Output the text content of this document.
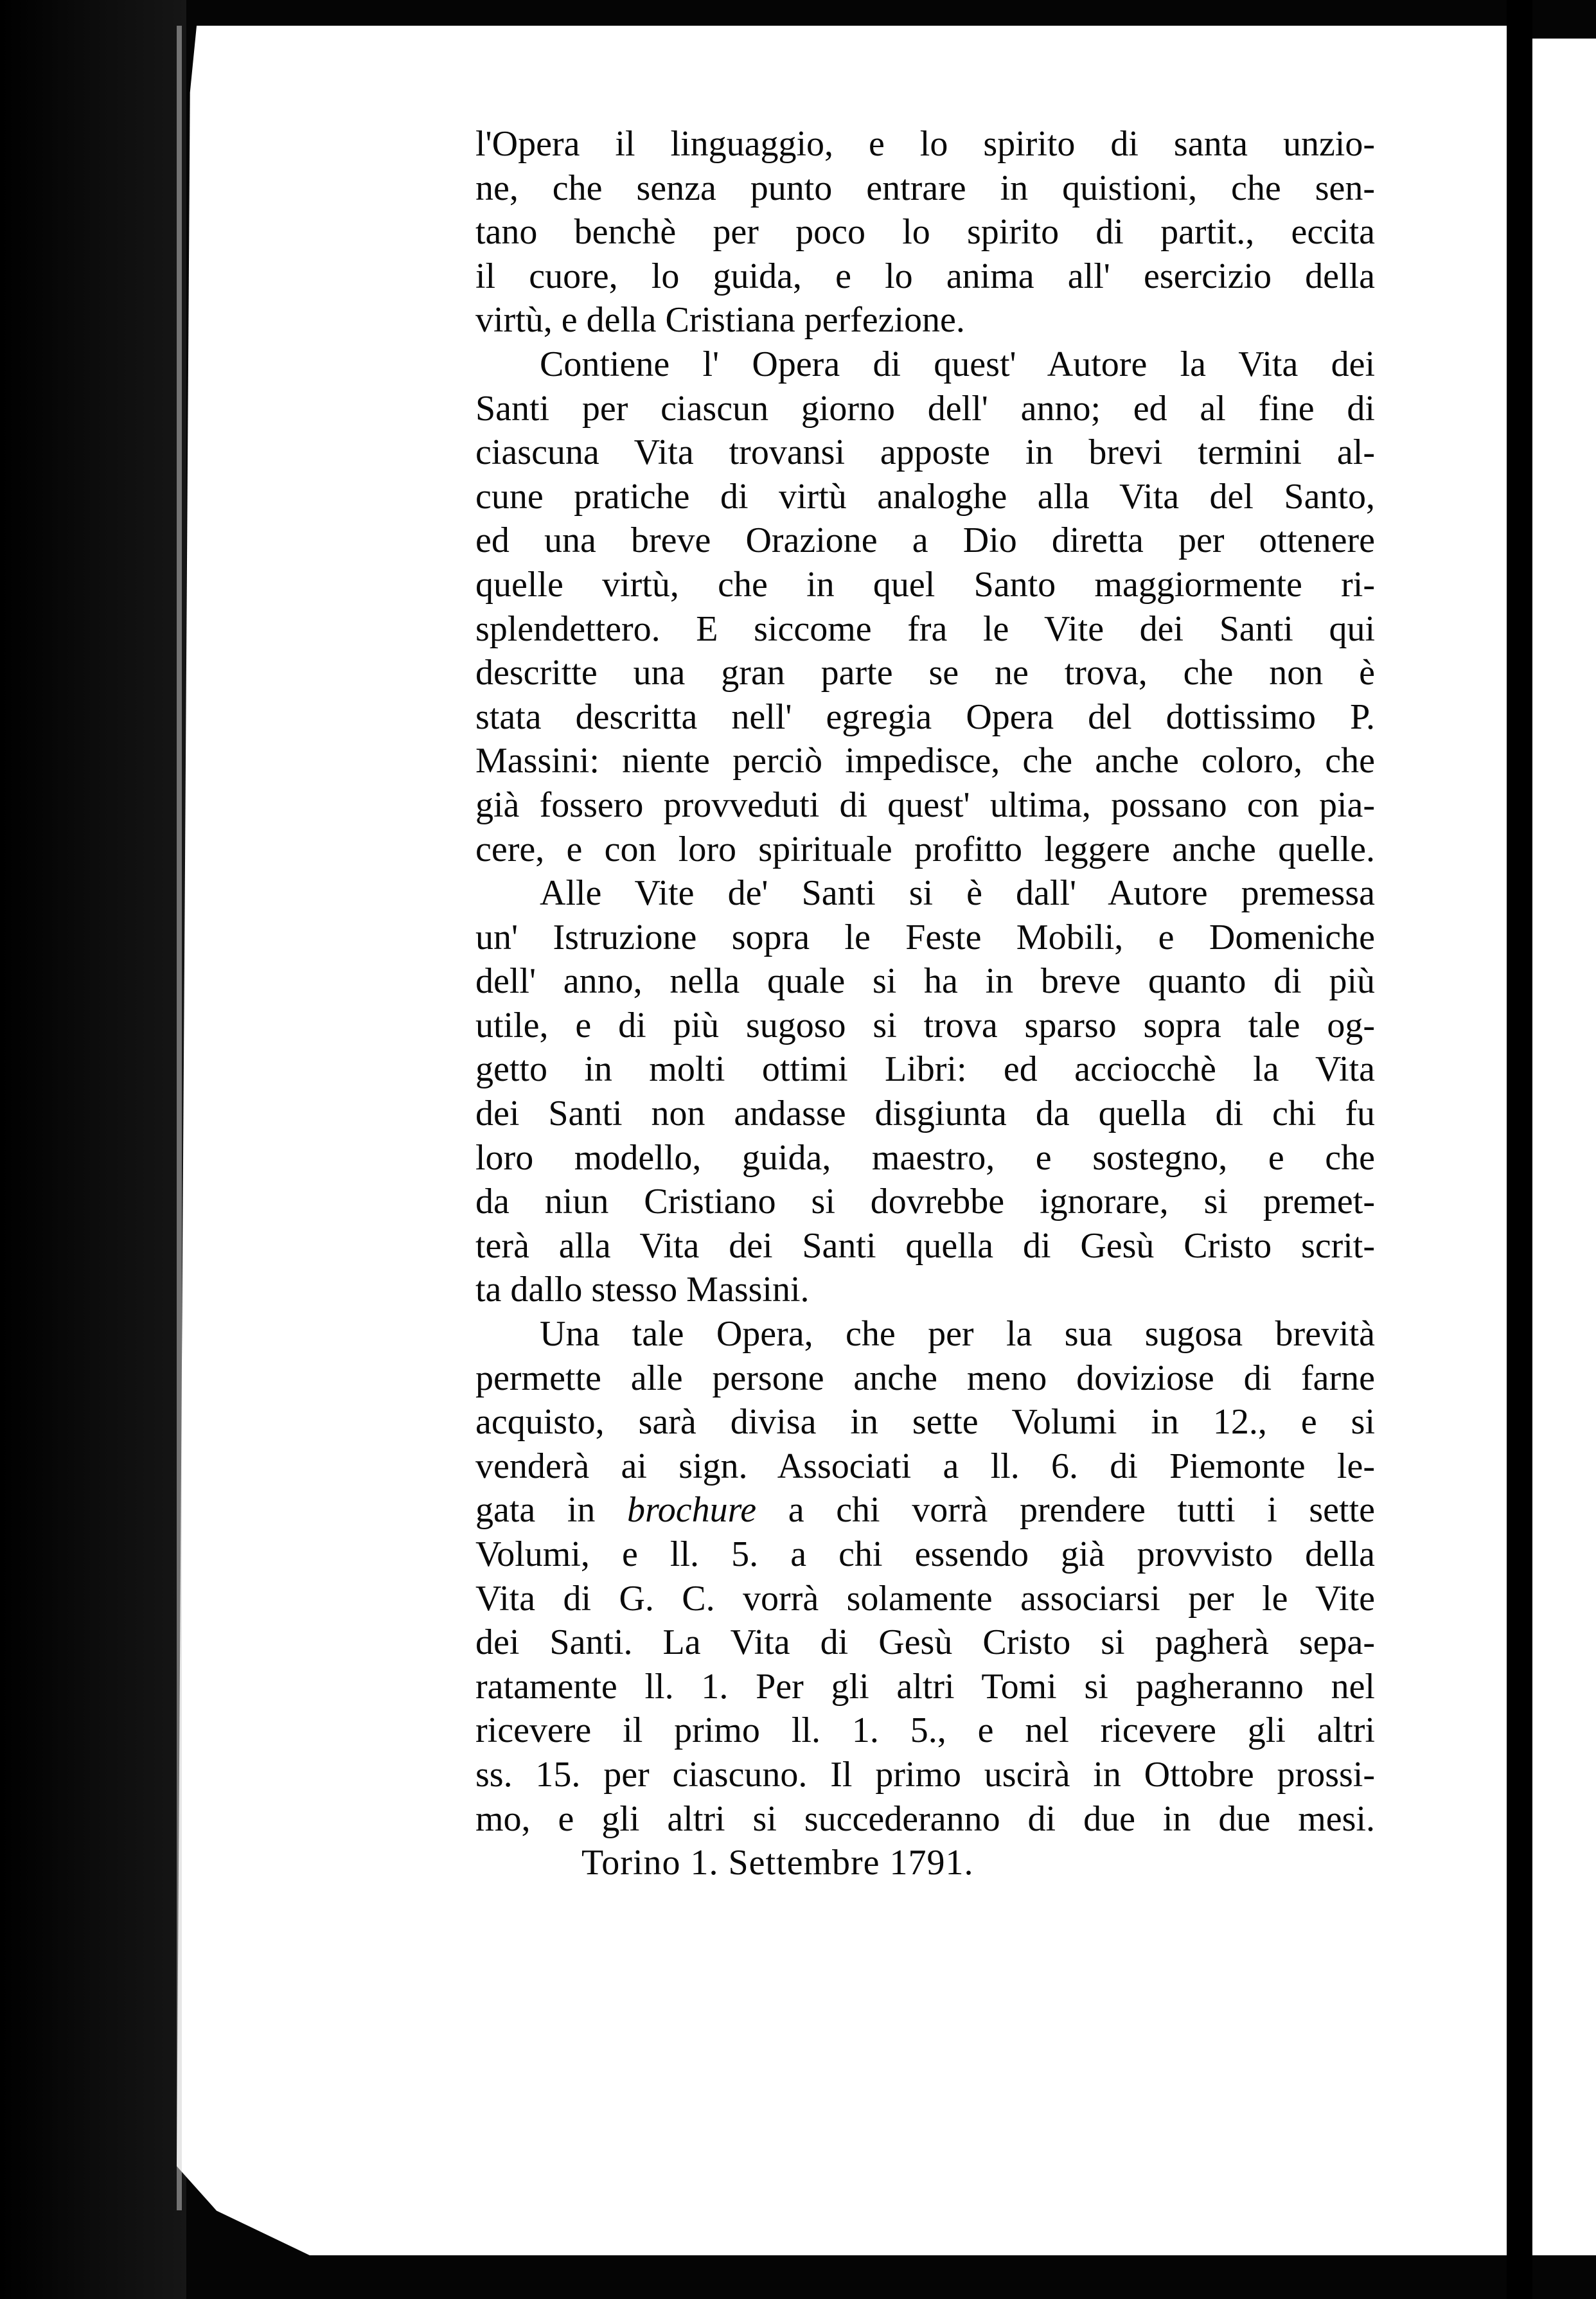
l'Opera il linguaggio, e lo spirito di santa unzio-
ne, che senza punto entrare in quistioni, che sen-
tano benchè per poco lo spirito di partit., eccita
il cuore, lo guida, e lo anima all' esercizio della
virtù, e della Cristiana perfezione.
Contiene l' Opera di quest' Autore la Vita dei
Santi per ciascun giorno dell' anno; ed al fine di
ciascuna Vita trovansi apposte in brevi termini al-
cune pratiche di virtù analoghe alla Vita del Santo,
ed una breve Orazione a Dio diretta per ottenere
quelle virtù, che in quel Santo maggiormente ri-
splendettero. E siccome fra le Vite dei Santi qui
descritte una gran parte se ne trova, che non è
stata descritta nell' egregia Opera del dottissimo P.
Massini: niente perciò impedisce, che anche coloro, che
già fossero provveduti di quest' ultima, possano con pia-
cere, e con loro spirituale profitto leggere anche quelle.
Alle Vite de' Santi si è dall' Autore premessa
un' Istruzione sopra le Feste Mobili, e Domeniche
dell' anno, nella quale si ha in breve quanto di più
utile, e di più sugoso si trova sparso sopra tale og-
getto in molti ottimi Libri: ed acciocchè la Vita
dei Santi non andasse disgiunta da quella di chi fu
loro modello, guida, maestro, e sostegno, e che
da niun Cristiano si dovrebbe ignorare, si premet-
terà alla Vita dei Santi quella di Gesù Cristo scrit-
ta dallo stesso Massini.
Una tale Opera, che per la sua sugosa brevità
permette alle persone anche meno doviziose di farne
acquisto, sarà divisa in sette Volumi in 12., e si
venderà ai sign. Associati a ll. 6. di Piemonte le-
gata in brochure a chi vorrà prendere tutti i sette
Volumi, e ll. 5. a chi essendo già provvisto della
Vita di G. C. vorrà solamente associarsi per le Vite
dei Santi. La Vita di Gesù Cristo si pagherà sepa-
ratamente ll. 1. Per gli altri Tomi si pagheranno nel
ricevere il primo ll. 1. 5., e nel ricevere gli altri
ss. 15. per ciascuno. Il primo uscirà in Ottobre prossi-
mo, e gli altri si succederanno di due in due mesi.
Torino 1. Settembre 1791.
